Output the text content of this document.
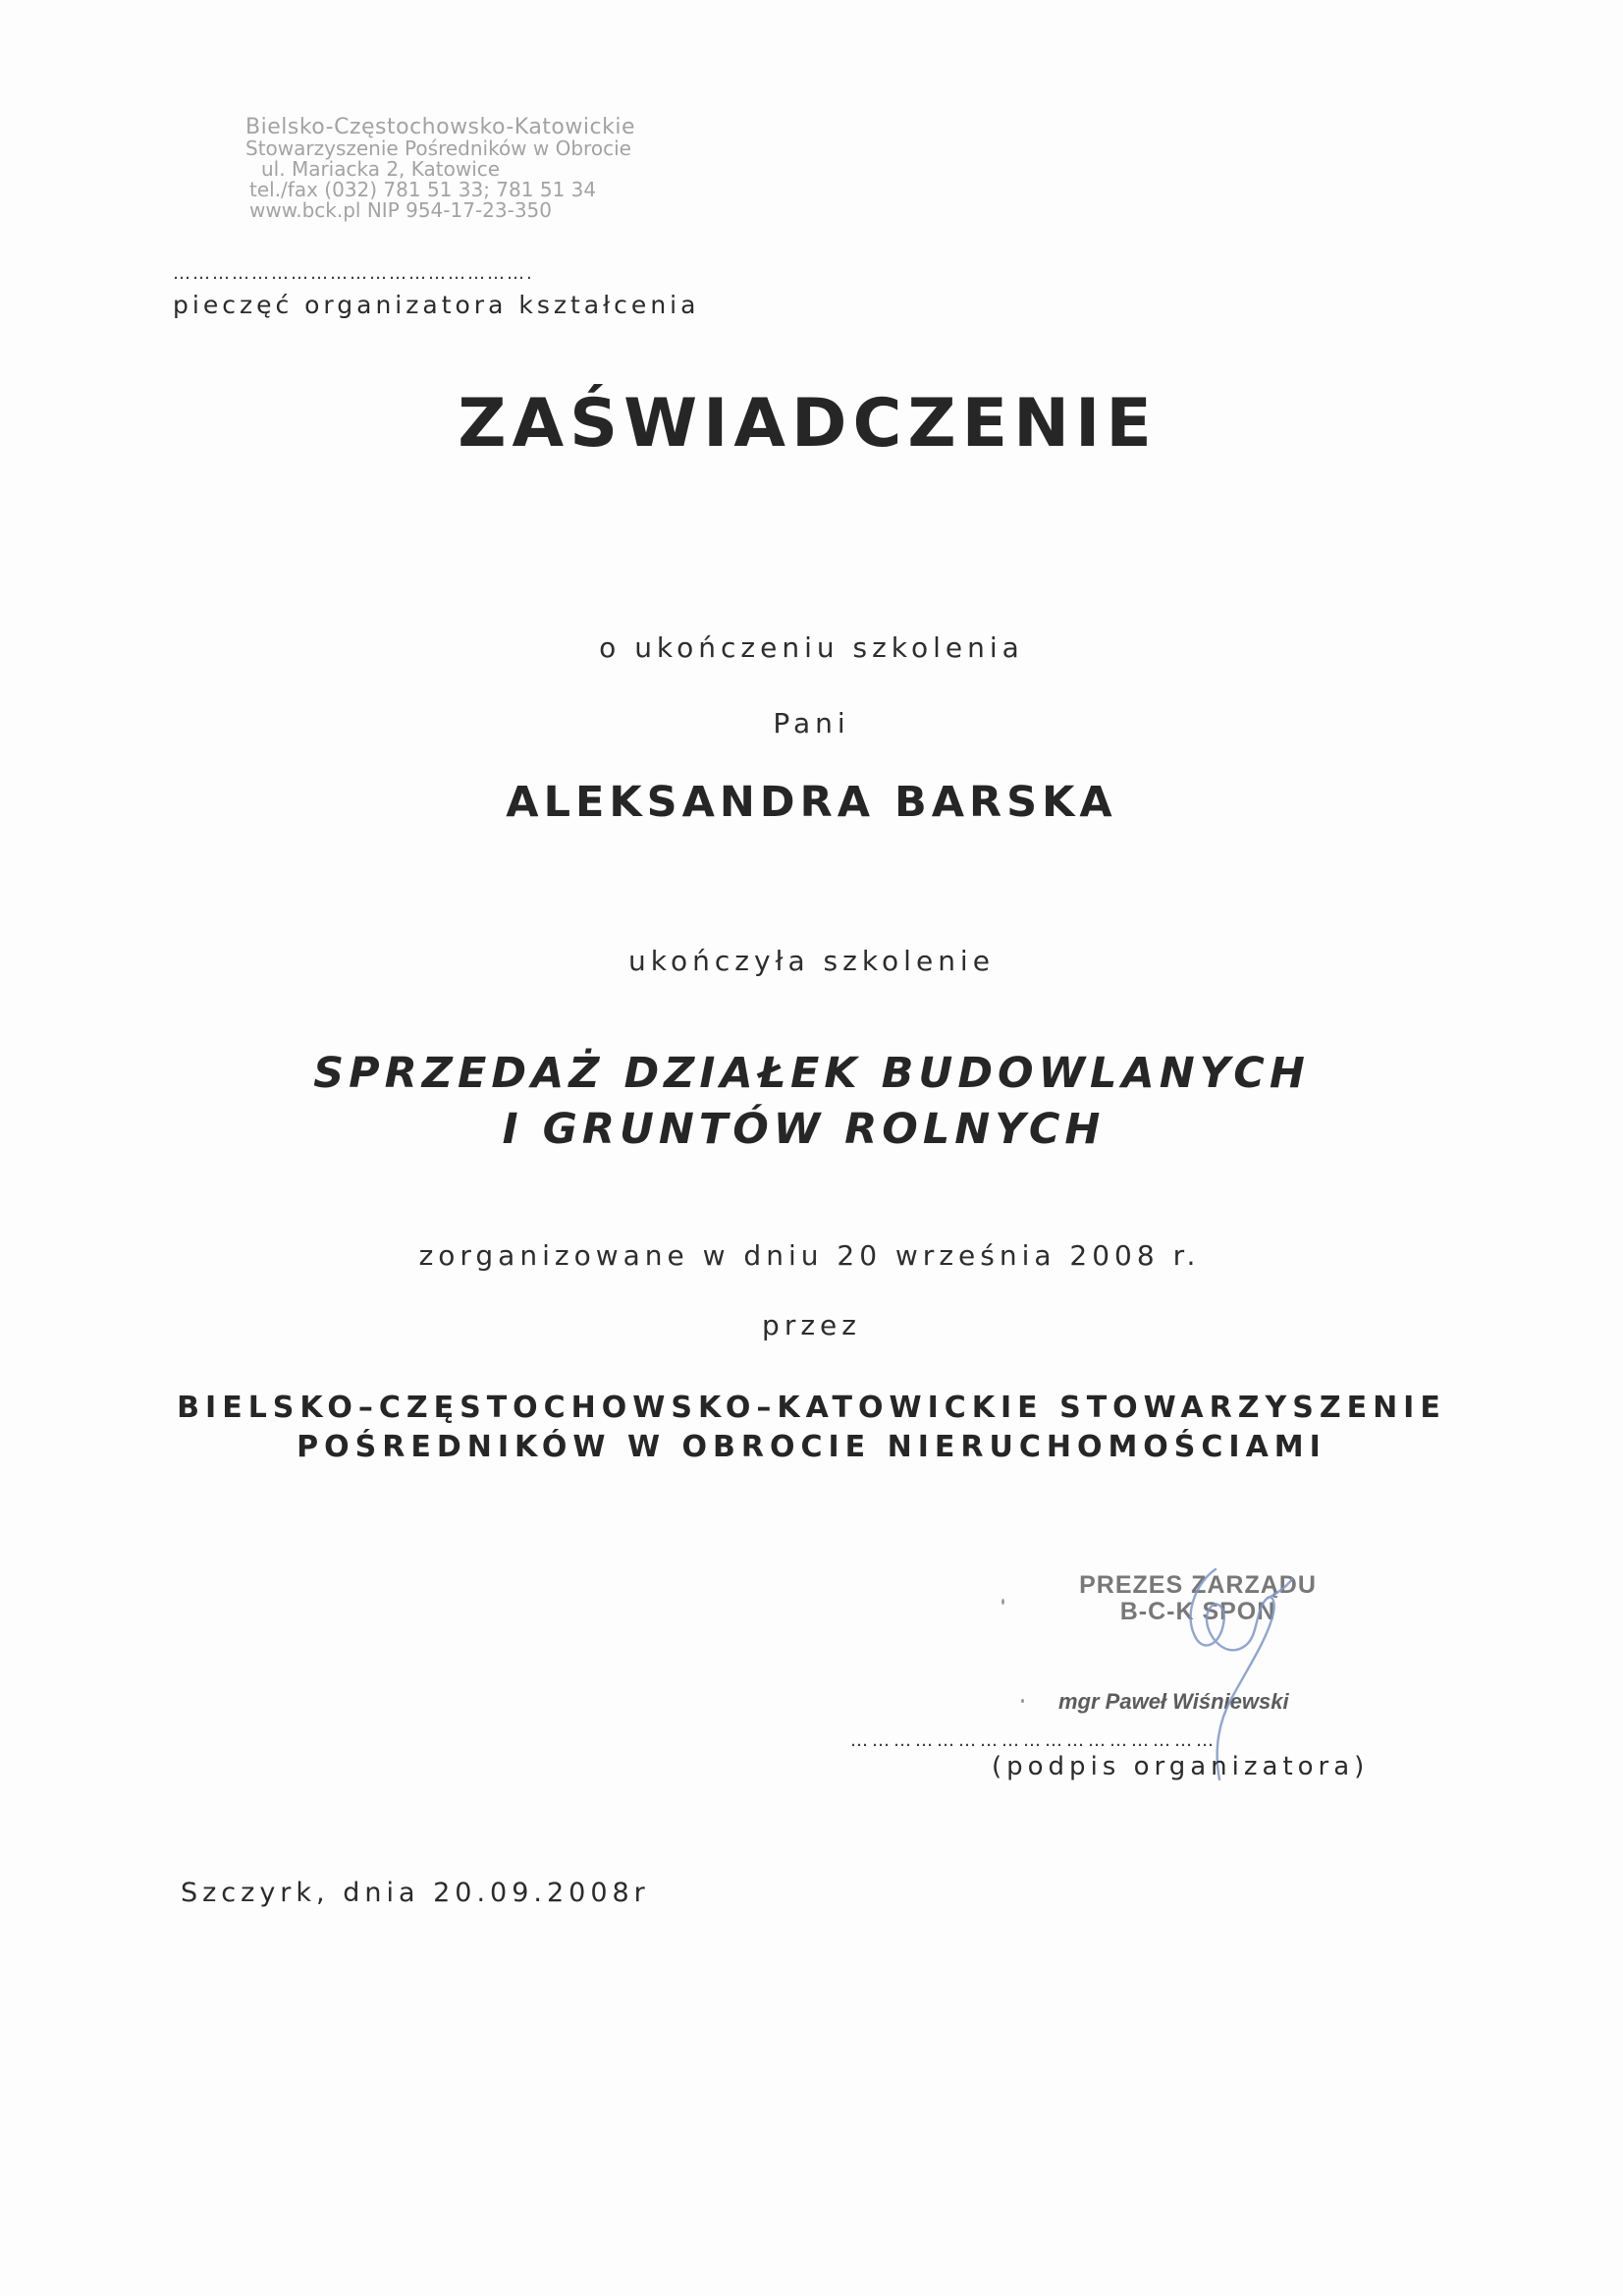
Bielsko-Częstochowsko-Katowickie
Stowarzyszenie Pośredników w Obrocie
ul. Mariacka 2, Katowice
tel./fax (032) 781 51 33; 781 51 34
www.bck.pl NIP 954-17-23-350
……………………………………………….
pieczęć organizatora kształcenia
ZAŚWIADCZENIE
o ukończeniu szkolenia
Pani
ALEKSANDRA BARSKA
ukończyła szkolenie
SPRZEDAŻ DZIAŁEK BUDOWLANYCH
I GRUNTÓW ROLNYCH
zorganizowane w dniu 20 września 2008 r.
przez
BIELSKO–CZĘSTOCHOWSKO–KATOWICKIE STOWARZYSZENIE
POŚREDNIKÓW W OBROCIE NIERUCHOMOŚCIAMI
PREZES ZARZĄDU
B-C-K SPON
mgr Paweł Wiśniewski
……………………………………………
(podpis organizatora)
Szczyrk, dnia 20.09.2008r
